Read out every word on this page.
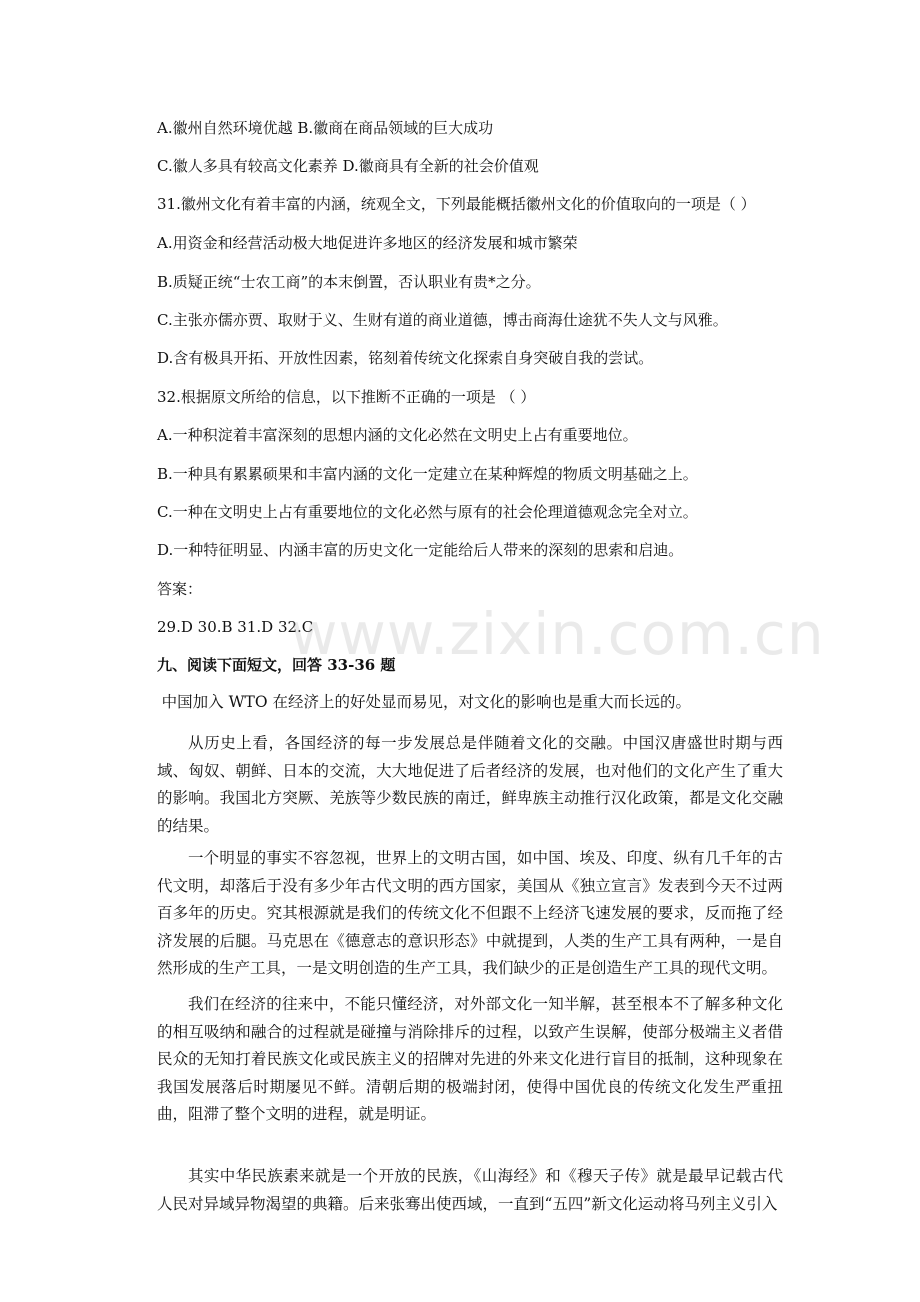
A.徽州自然环境优越 B.徽商在商品领域的巨大成功
C.徽人多具有较高文化素养 D.徽商具有全新的社会价值观
31.徽州文化有着丰富的内涵，统观全文，下列最能概括徽州文化的价值取向的一项是（ ）
A.用资金和经营活动极大地促进许多地区的经济发展和城市繁荣
B.质疑正统“士农工商”的本末倒置，否认职业有贵*之分。
C.主张亦儒亦贾、取财于义、生财有道的商业道德，博击商海仕途犹不失人文与风雅。
D.含有极具开拓、开放性因素，铭刻着传统文化探索自身突破自我的尝试。
32.根据原文所给的信息，以下推断不正确的一项是 （ ）
A.一种积淀着丰富深刻的思想内涵的文化必然在文明史上占有重要地位。
B.一种具有累累硕果和丰富内涵的文化一定建立在某种辉煌的物质文明基础之上。
C.一种在文明史上占有重要地位的文化必然与原有的社会伦理道德观念完全对立。
D.一种特征明显、内涵丰富的历史文化一定能给后人带来的深刻的思索和启迪。
答案：
29.D 30.B 31.D 32.C
九、阅读下面短文，回答 33-36 题
中国加入 WTO 在经济上的好处显而易见，对文化的影响也是重大而长远的。
从历史上看，各国经济的每一步发展总是伴随着文化的交融。中国汉唐盛世时期与西域、匈奴、朝鲜、日本的交流，大大地促进了后者经济的发展，也对他们的文化产生了重大的影响。我国北方突厥、羌族等少数民族的南迁，鲜卑族主动推行汉化政策，都是文化交融的结果。
一个明显的事实不容忽视，世界上的文明古国，如中国、埃及、印度、纵有几千年的古代文明，却落后于没有多少年古代文明的西方国家，美国从《独立宣言》发表到今天不过两百多年的历史。究其根源就是我们的传统文化不但跟不上经济飞速发展的要求，反而拖了经济发展的后腿。马克思在《德意志的意识形态》中就提到，人类的生产工具有两种，一是自然形成的生产工具，一是文明创造的生产工具，我们缺少的正是创造生产工具的现代文明。
我们在经济的往来中，不能只懂经济，对外部文化一知半解，甚至根本不了解多种文化的相互吸纳和融合的过程就是碰撞与消除排斥的过程，以致产生误解，使部分极端主义者借民众的无知打着民族文化或民族主义的招牌对先进的外来文化进行盲目的抵制，这种现象在我国发展落后时期屡见不鲜。清朝后期的极端封闭，使得中国优良的传统文化发生严重扭曲，阻滞了整个文明的进程，就是明证。
其实中华民族素来就是一个开放的民族，《山海经》和《穆天子传》就是最早记载古代人民对异域异物渴望的典籍。后来张骞出使西域，一直到“五四”新文化运动将马列主义引入
www.zixin.com.cn
